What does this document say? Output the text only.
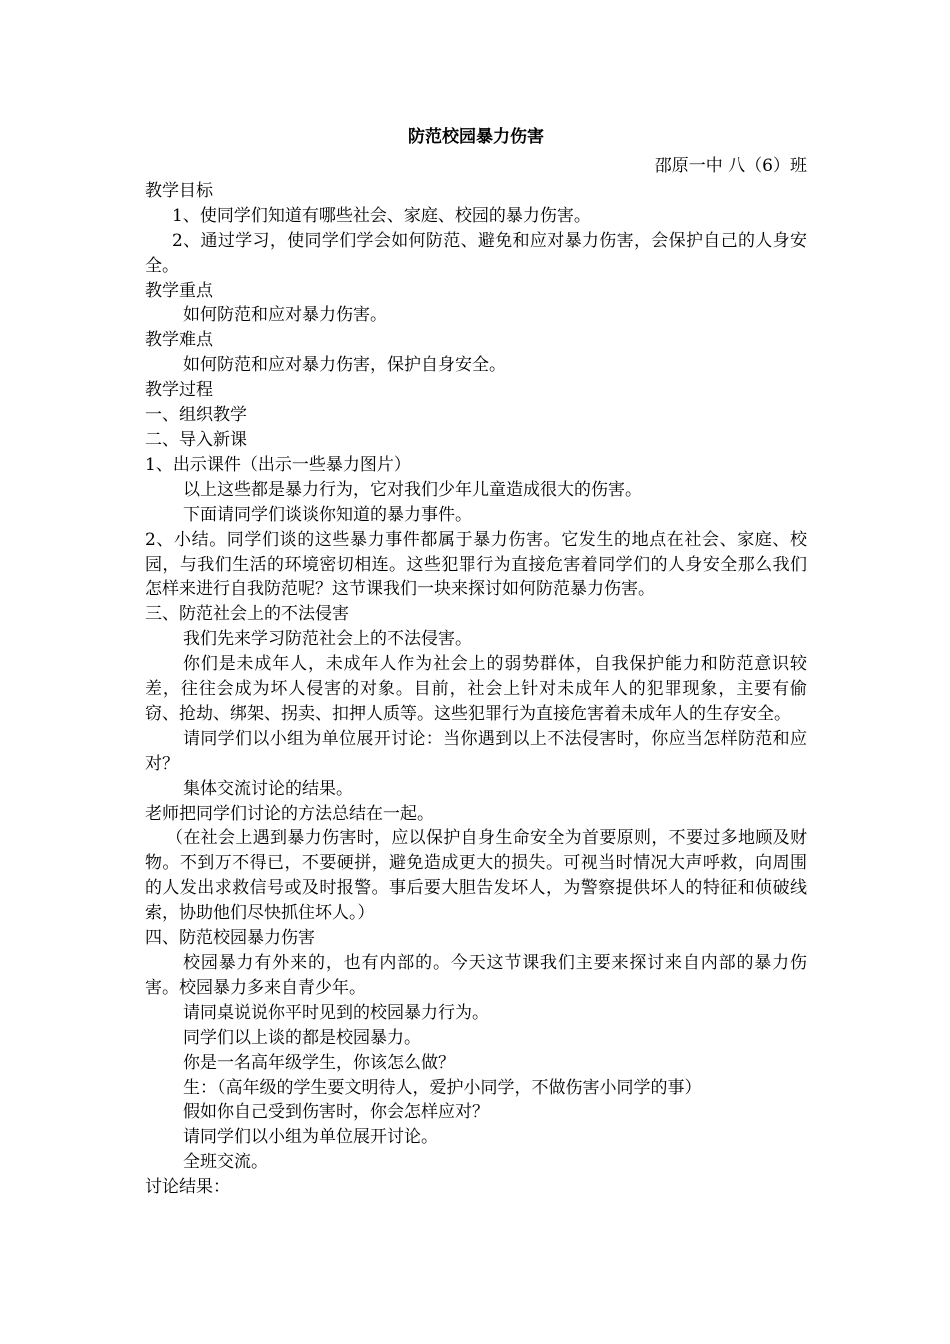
防范校园暴力伤害
邵原一中 八（6）班

教学目标

1、使同学们知道有哪些社会、家庭、校园的暴力伤害。

2、通过学习，使同学们学会如何防范、避免和应对暴力伤害，会保护自己的人身安全。

教学重点

如何防范和应对暴力伤害。

教学难点

如何防范和应对暴力伤害，保护自身安全。

教学过程

一、组织教学

二、导入新课

1、出示课件（出示一些暴力图片）

以上这些都是暴力行为，它对我们少年儿童造成很大的伤害。

下面请同学们谈谈你知道的暴力事件。

2、小结。同学们谈的这些暴力事件都属于暴力伤害。它发生的地点在社会、家庭、校园，与我们生活的环境密切相连。这些犯罪行为直接危害着同学们的人身安全那么我们怎样来进行自我防范呢？这节课我们一块来探讨如何防范暴力伤害。

三、防范社会上的不法侵害

我们先来学习防范社会上的不法侵害。

你们是未成年人，未成年人作为社会上的弱势群体，自我保护能力和防范意识较差，往往会成为坏人侵害的对象。目前，社会上针对未成年人的犯罪现象，主要有偷窃、抢劫、绑架、拐卖、扣押人质等。这些犯罪行为直接危害着未成年人的生存安全。

请同学们以小组为单位展开讨论：当你遇到以上不法侵害时，你应当怎样防范和应对？

集体交流讨论的结果。

老师把同学们讨论的方法总结在一起。

（在社会上遇到暴力伤害时，应以保护自身生命安全为首要原则，不要过多地顾及财物。不到万不得已，不要硬拼，避免造成更大的损失。可视当时情况大声呼救，向周围的人发出求救信号或及时报警。事后要大胆告发坏人，为警察提供坏人的特征和侦破线索，协助他们尽快抓住坏人。）

四、防范校园暴力伤害

校园暴力有外来的，也有内部的。今天这节课我们主要来探讨来自内部的暴力伤害。校园暴力多来自青少年。

请同桌说说你平时见到的校园暴力行为。

同学们以上谈的都是校园暴力。

你是一名高年级学生，你该怎么做？

生：（高年级的学生要文明待人，爱护小同学，不做伤害小同学的事）

假如你自己受到伤害时，你会怎样应对？

请同学们以小组为单位展开讨论。

全班交流。

讨论结果：
